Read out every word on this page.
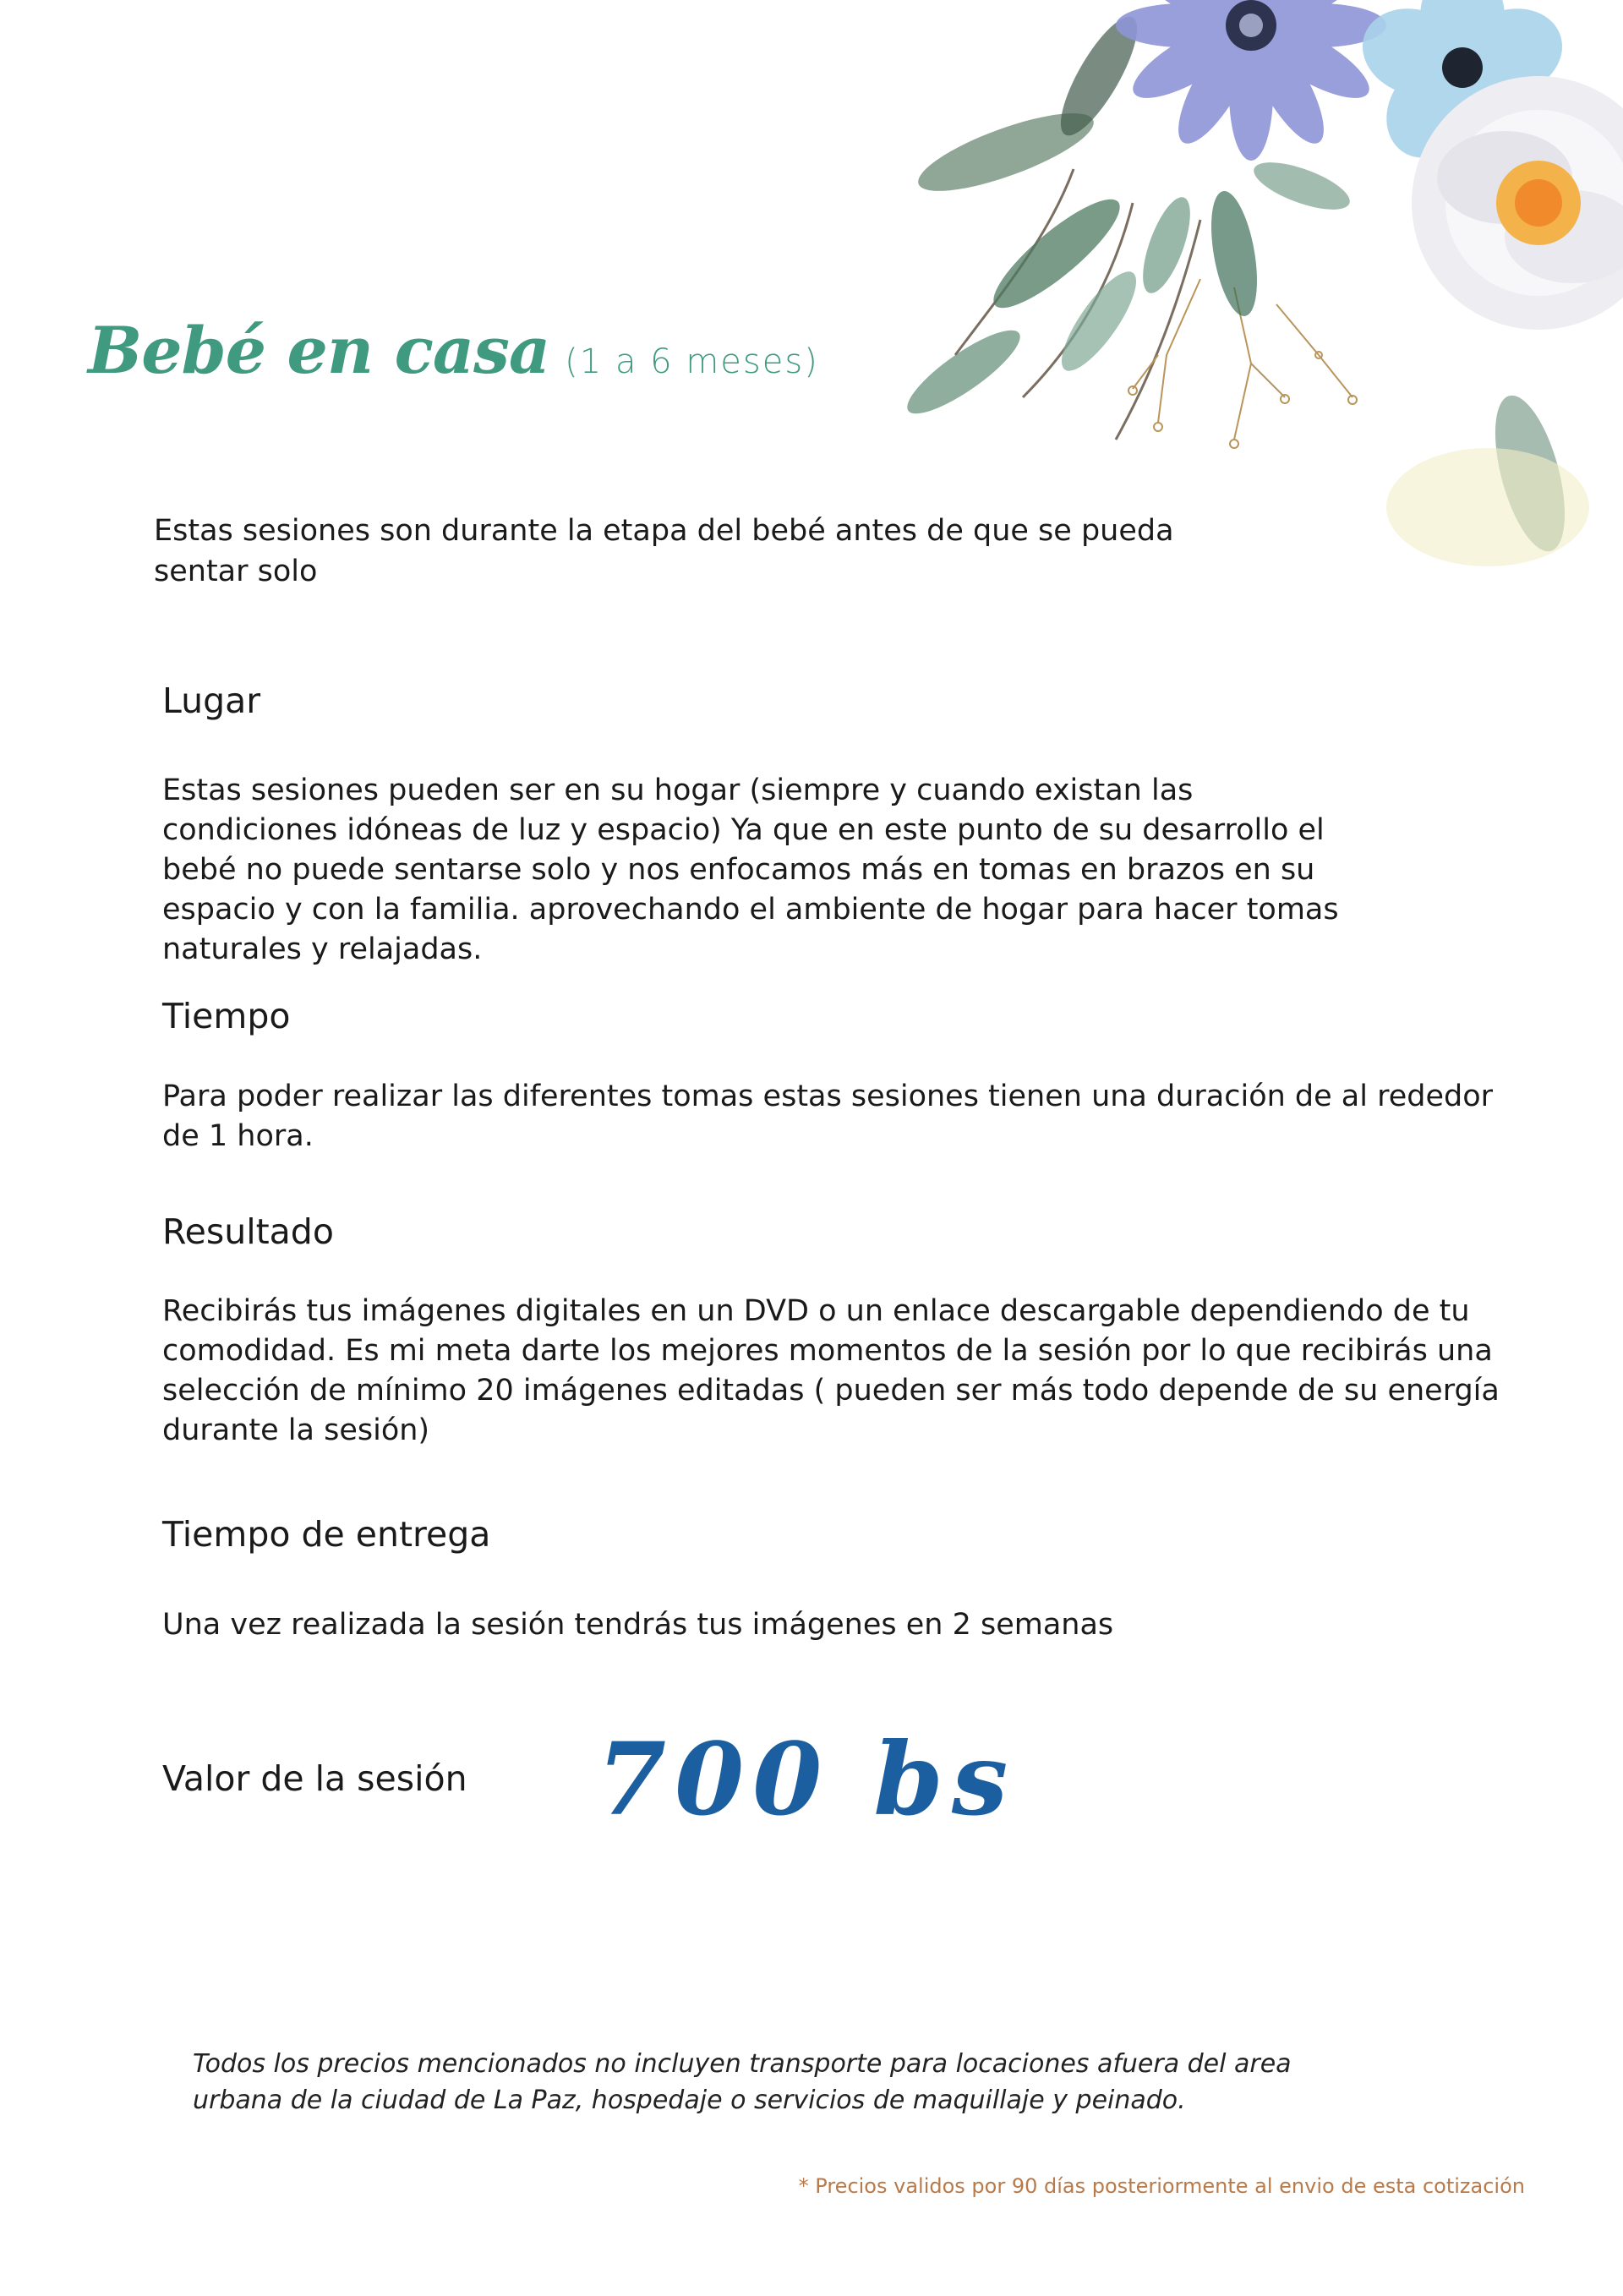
Bebé en casa (1 a 6 meses)
Estas sesiones son durante la etapa del bebé antes de que se pueda sentar solo
Lugar
Estas sesiones pueden ser en su hogar (siempre y cuando existan las condiciones idóneas de luz y espacio) Ya que en este punto de su desarrollo el bebé no puede sentarse solo y nos enfocamos más en tomas en brazos en su espacio y con la familia. aprovechando el ambiente de hogar para hacer tomas naturales y relajadas.
Tiempo
Para poder realizar las diferentes tomas estas sesiones tienen una duración de al rededor de 1 hora.
Resultado
Recibirás tus imágenes digitales en un DVD o un enlace descargable dependiendo de tu comodidad. Es mi meta darte los mejores momentos de la sesión por lo que recibirás una selección de mínimo 20 imágenes editadas ( pueden ser más todo depende de su energía durante la sesión)
Tiempo de entrega
Una vez realizada la sesión tendrás tus imágenes en 2 semanas
Valor de la sesión 700 bs
Todos los precios mencionados no incluyen transporte para locaciones afuera del area urbana de la ciudad de La Paz, hospedaje o servicios de maquillaje y peinado.
* Precios validos por 90 días posteriormente al envio de esta cotización
